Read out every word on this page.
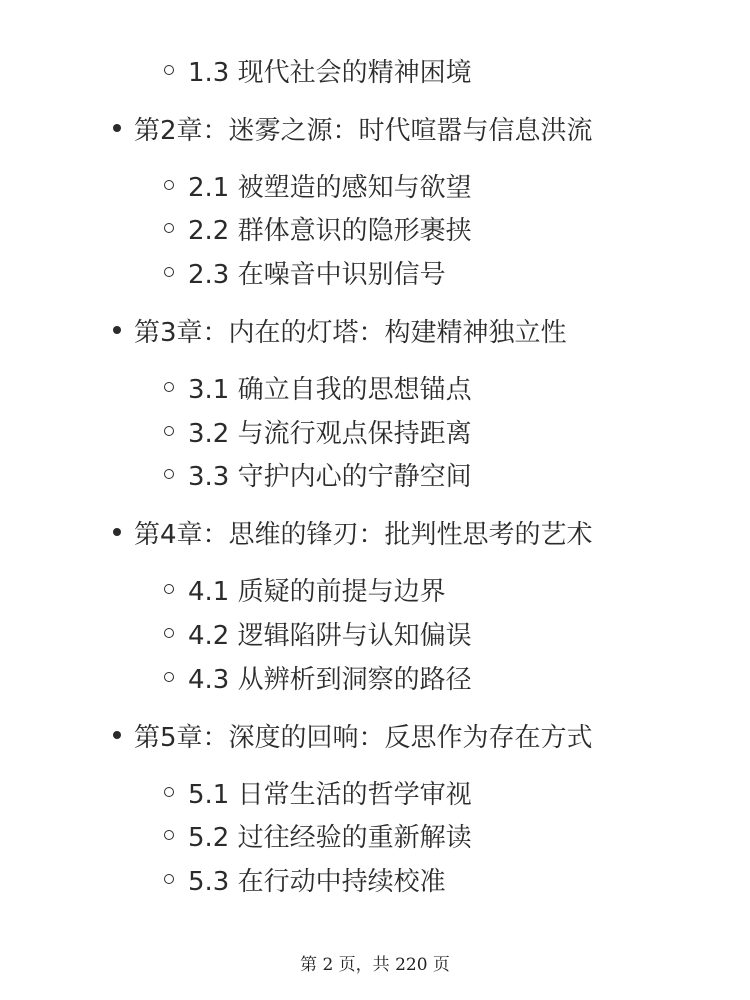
1.3 现代社会的精神困境
第2章：迷雾之源：时代喧嚣与信息洪流
2.1 被塑造的感知与欲望
2.2 群体意识的隐形裹挟
2.3 在噪音中识别信号
第3章：内在的灯塔：构建精神独立性
3.1 确立自我的思想锚点
3.2 与流行观点保持距离
3.3 守护内心的宁静空间
第4章：思维的锋刃：批判性思考的艺术
4.1 质疑的前提与边界
4.2 逻辑陷阱与认知偏误
4.3 从辨析到洞察的路径
第5章：深度的回响：反思作为存在方式
5.1 日常生活的哲学审视
5.2 过往经验的重新解读
5.3 在行动中持续校准
第 2 页，共 220 页
